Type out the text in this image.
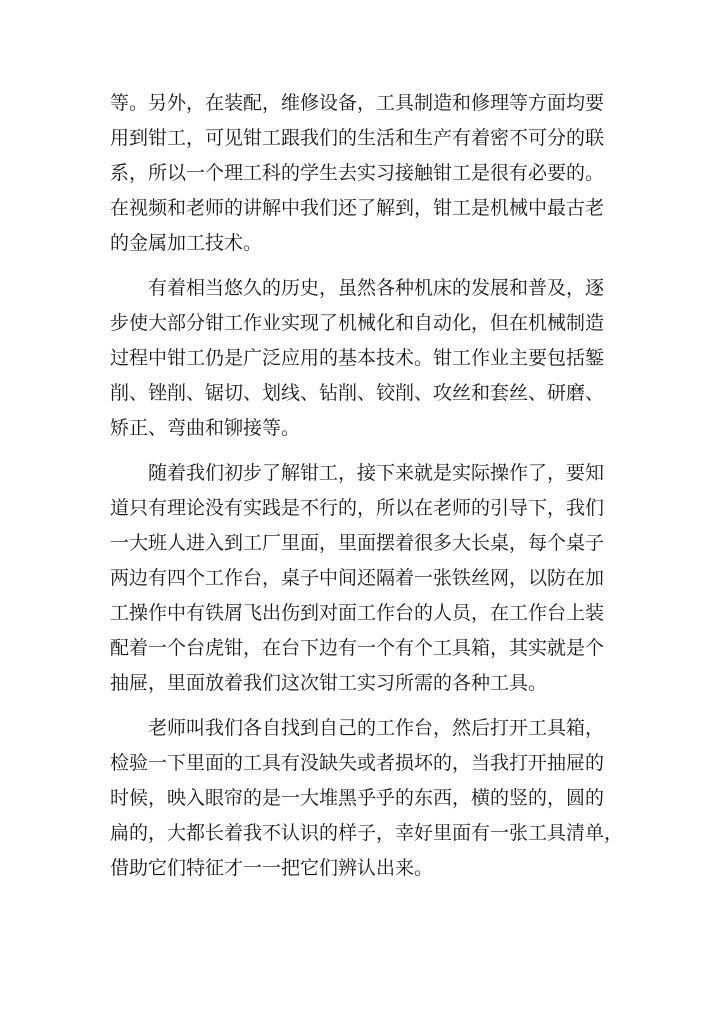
等。另外，在装配，维修设备，工具制造和修理等方面均要
用到钳工，可见钳工跟我们的生活和生产有着密不可分的联
系，所以一个理工科的学生去实习接触钳工是很有必要的。
在视频和老师的讲解中我们还了解到，钳工是机械中最古老
的金属加工技术。
有着相当悠久的历史，虽然各种机床的发展和普及，逐
步使大部分钳工作业实现了机械化和自动化，但在机械制造
过程中钳工仍是广泛应用的基本技术。钳工作业主要包括錾
削、锉削、锯切、划线、钻削、铰削、攻丝和套丝、研磨、
矫正、弯曲和铆接等。
随着我们初步了解钳工，接下来就是实际操作了，要知
道只有理论没有实践是不行的，所以在老师的引导下，我们
一大班人进入到工厂里面，里面摆着很多大长桌，每个桌子
两边有四个工作台，桌子中间还隔着一张铁丝网，以防在加
工操作中有铁屑飞出伤到对面工作台的人员，在工作台上装
配着一个台虎钳，在台下边有一个有个工具箱，其实就是个
抽屉，里面放着我们这次钳工实习所需的各种工具。
老师叫我们各自找到自己的工作台，然后打开工具箱，
检验一下里面的工具有没缺失或者损坏的，当我打开抽屉的
时候，映入眼帘的是一大堆黑乎乎的东西，横的竖的，圆的
扁的，大都长着我不认识的样子，幸好里面有一张工具清单，
借助它们特征才一一把它们辨认出来。
